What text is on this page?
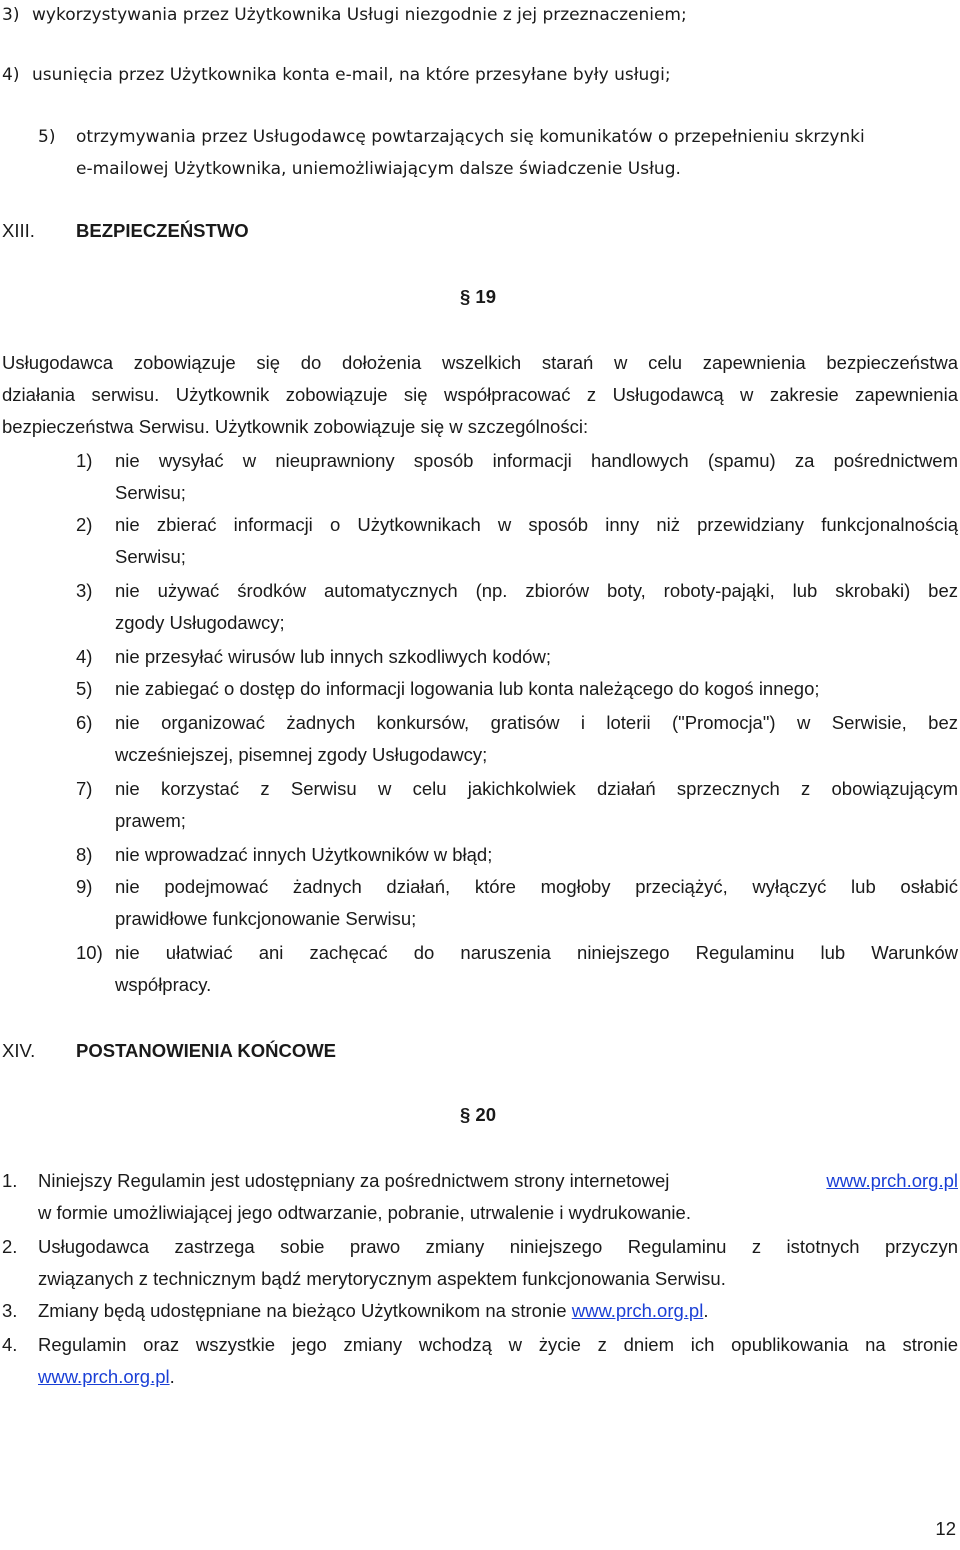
3) wykorzystywania przez Użytkownika Usługi niezgodnie z jej przeznaczeniem;
4) usunięcia przez Użytkownika konta e-mail, na które przesyłane były usługi;
5) otrzymywania przez Usługodawcę powtarzających się komunikatów o przepełnieniu skrzynki
e-mailowej Użytkownika, uniemożliwiającym dalsze świadczenie Usług.
XIII. BEZPIECZEŃSTWO
§ 19
Usługodawca zobowiązuje się do dołożenia wszelkich starań w celu zapewnienia bezpieczeństwa
działania serwisu. Użytkownik zobowiązuje się współpracować z Usługodawcą w zakresie zapewnienia
bezpieczeństwa Serwisu. Użytkownik zobowiązuje się w szczególności:
1) nie wysyłać w nieuprawniony sposób informacji handlowych (spamu) za pośrednictwem
Serwisu;
2) nie zbierać informacji o Użytkownikach w sposób inny niż przewidziany funkcjonalnością
Serwisu;
3) nie używać środków automatycznych (np. zbiorów boty, roboty-pająki, lub skrobaki) bez
zgody Usługodawcy;
4) nie przesyłać wirusów lub innych szkodliwych kodów;
5) nie zabiegać o dostęp do informacji logowania lub konta należącego do kogoś innego;
6) nie organizować żadnych konkursów, gratisów i loterii ("Promocja") w Serwisie, bez
wcześniejszej, pisemnej zgody Usługodawcy;
7) nie korzystać z Serwisu w celu jakichkolwiek działań sprzecznych z obowiązującym
prawem;
8) nie wprowadzać innych Użytkowników w błąd;
9) nie podejmować żadnych działań, które mogłoby przeciążyć, wyłączyć lub osłabić
prawidłowe funkcjonowanie Serwisu;
10) nie ułatwiać ani zachęcać do naruszenia niniejszego Regulaminu lub Warunków
współpracy.
XIV. POSTANOWIENIA KOŃCOWE
§ 20
1. Niniejszy Regulamin jest udostępniany za pośrednictwem strony internetowej	www.prch.org.pl
w formie umożliwiającej jego odtwarzanie, pobranie, utrwalenie i wydrukowanie.
2. Usługodawca zastrzega sobie prawo zmiany niniejszego Regulaminu z istotnych przyczyn
związanych z technicznym bądź merytorycznym aspektem funkcjonowania Serwisu.
3. Zmiany będą udostępniane na bieżąco Użytkownikom na stronie www.prch.org.pl.
4. Regulamin oraz wszystkie jego zmiany wchodzą w życie z dniem ich opublikowania na stronie
www.prch.org.pl.
12
